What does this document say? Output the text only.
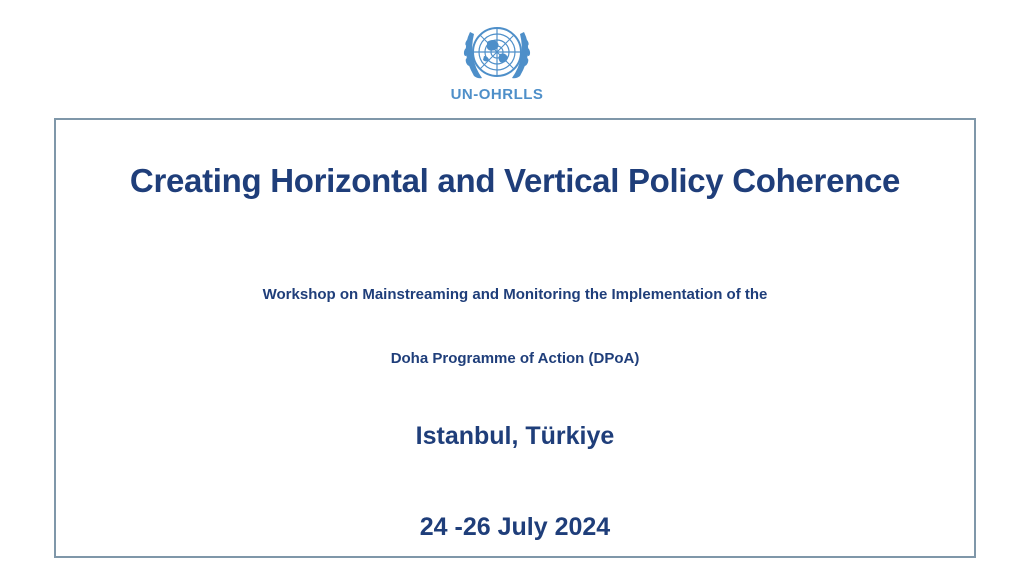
UN-OHRLLS
Creating Horizontal and Vertical Policy Coherence
Workshop on Mainstreaming and Monitoring the Implementation of the
Doha Programme of Action (DPoA)
Istanbul, Türkiye
24 -26 July 2024
